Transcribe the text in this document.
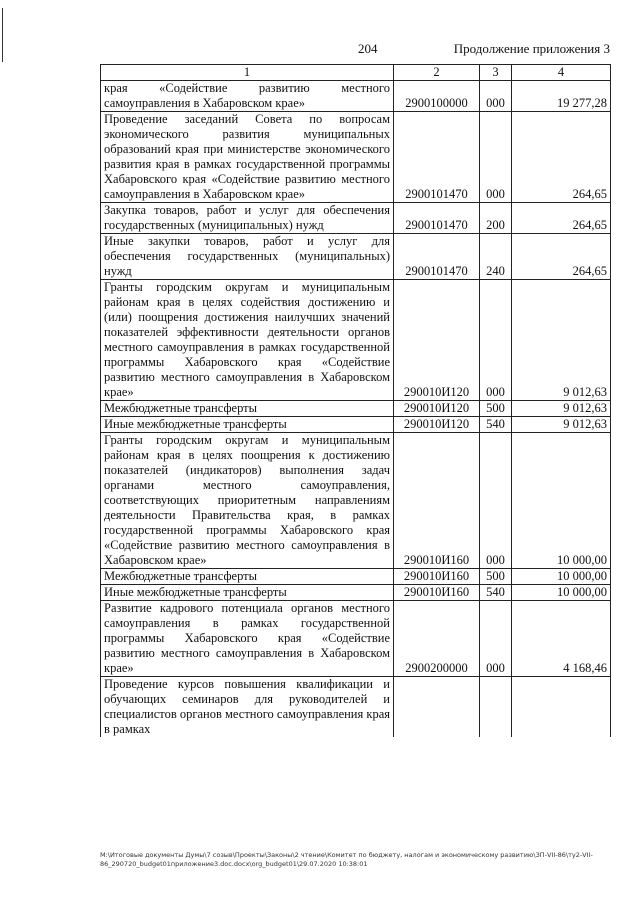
204	Продолжение приложения 3
1	2	3	4
края «Содействие развитию местного самоуправления в Хабаровском крае»	2900100000	000	19 277,28
Проведение заседаний Совета по вопросам экономического развития муниципальных образований края при министерстве экономического развития края в рамках государственной программы Хабаровского края «Содействие развитию местного самоуправления в Хабаровском крае»	2900101470	000	264,65
Закупка товаров, работ и услуг для обеспечения государственных (муниципальных) нужд	2900101470	200	264,65
Иные закупки товаров, работ и услуг для обеспечения государственных (муниципальных) нужд	2900101470	240	264,65
Гранты городским округам и муниципальным районам края в целях содействия достижению и (или) поощрения достижения наилучших значений показателей эффективности деятельности органов местного самоуправления в рамках государственной программы Хабаровского края «Содействие развитию местного самоуправления в Хабаровском крае»	290010И120	000	9 012,63
Межбюджетные трансферты	290010И120	500	9 012,63
Иные межбюджетные трансферты	290010И120	540	9 012,63
Гранты городским округам и муниципальным районам края в целях поощрения к достижению показателей (индикаторов) выполнения задач органами местного самоуправления, соответствующих приоритетным направлениям деятельности Правительства края, в рамках государственной программы Хабаровского края «Содействие развитию местного самоуправления в Хабаровском крае»	290010И160	000	10 000,00
Межбюджетные трансферты	290010И160	500	10 000,00
Иные межбюджетные трансферты	290010И160	540	10 000,00
Развитие кадрового потенциала органов местного самоуправления в рамках государственной программы Хабаровского края «Содействие развитию местного самоуправления в Хабаровском крае»	2900200000	000	4 168,46
Проведение курсов повышения квалификации и обучающих семинаров для руководителей и специалистов органов местного самоуправления края в рамках			
M:\Итоговые документы Думы\7 созыв\Проекты\Законы\2 чтение\Комитет по бюджету, налогам и экономическому развитию\ЗП-VII-86\ту2-VII-86_290720_budget01приложение3.doc.docx\org_budget01\29.07.2020 10:38:01
